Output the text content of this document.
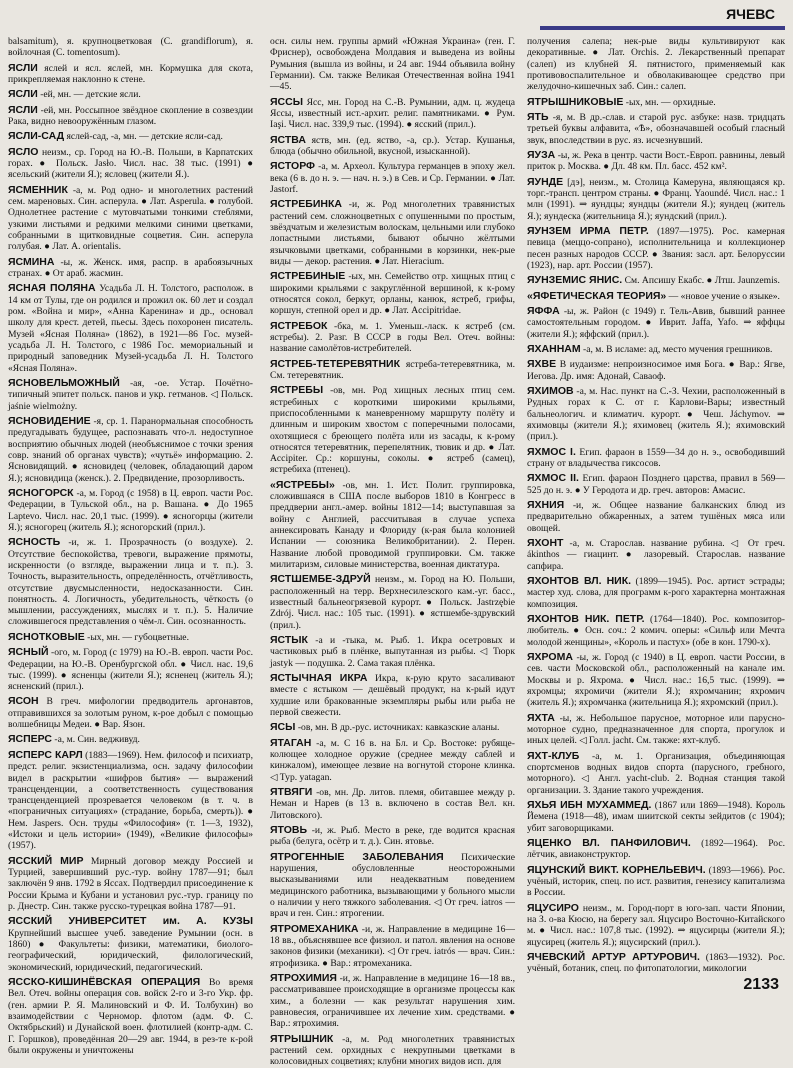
ЯЧЕВС

balsamitum), я. крупноцветковая (С. grandiflorum), я. войлочная (С. tomentosum).

ЯСЛИ яслей и ясл. яслей, мн. Кормушка для скота, прикрепляемая наклонно к стене.

ЯСЛИ -ей, мн. — детские ясли.

ЯСЛИ -ей, мн. Россыпное звёздное скопление в созвездии Рака, видно невооружённым глазом.

ЯСЛИ-САД яслей-сад, -а, мн. — детские ясли-сад.

ЯСЛО неизм., ср. Город на Ю.-В. Польши, в Карпатских горах. ● Польск. Jasło. Числ. нас. 38 тыс. (1991) ● ясельский (жители Я.); ясловец (жители Я.).

ЯСМЕННИК -а, м. Род одно- и многолетних растений сем. мареновых. Син. асперула. ● Лат. Asperula. ● голубой. Однолетнее растение с мутовчатыми тонкими стеблями, узкими листьями и редкими мелкими синими цветками, собранными в щитковидные соцветия. Син. асперула голубая. ● Лат. A. orientalis.

ЯСМИНА -ы, ж. Женск. имя, распр. в арабоязычных странах. ● От араб. жасмин.

ЯСНАЯ ПОЛЯНА Усадьба Л. Н. Толстого, располож. в 14 км от Тулы, где он родился и прожил ок. 60 лет и создал ром. «Война и мир», «Анна Каренина» и др., основал школу для крест. детей, пьесы. Здесь похоронен писатель. Музей «Ясная Поляна» (1862), в 1921—86 Гос. музей-усадьба Л. Н. Толстого, с 1986 Гос. мемориальный и природный заповедник Музей-усадьба Л. Н. Толстого «Ясная Поляна».

ЯСНОВЕЛЬМОЖНЫЙ -ая, -ое. Устар. Почётно-типичный эпитет польск. панов и укр. гетманов. ◁ Польск. jaśnie wielmożny.

ЯСНОВИДЕНИЕ -я, ср. 1. Паранормальная способность предугадывать будущее, распознавать что-л. недоступное восприятию обычных людей (необъяснимое с точки зрения совр. знаний об органах чувств); «чутьё» информацию. 2. Ясновидящий. ● ясновидец (человек, обладающий даром Я.); ясновидица (женск.). 2. Предвидение, прозорливость.

ЯСНОГОРСК -а, м. Город (с 1958) в Ц. европ. части Рос. Федерации, в Тульской обл., на р. Вашана. ● До 1965 Laptevo. Числ. нас. 20,1 тыс. (1999). ● ясногорцы (жители Я.); ясногорец (житель Я.); ясногорский (прил.).

ЯСНОСТЬ -и, ж. 1. Прозрачность (о воздухе). 2. Отсутствие беспокойства, тревоги, выражение прямоты, искренности (о взгляде, выражении лица и т. п.). 3. Точность, выразительность, определённость, отчётливость, отсутствие двусмысленности, недосказанности. Син. понятность. 4. Логичность, убедительность, чёткость (о мышлении, рассуждениях, мыслях и т. п.). 5. Наличие сложившегося представления о чём-л. Син. осознанность.

ЯСНОТКОВЫЕ -ых, мн. — губоцветные.

ЯСНЫЙ -ого, м. Город (с 1979) на Ю.-В. европ. части Рос. Федерации, на Ю.-В. Оренбургской обл. ● Числ. нас. 19,6 тыс. (1999). ● ясненцы (жители Я.); ясненец (житель Я.); ясненский (прил.).

ЯСОН В греч. мифологии предводитель аргонавтов, отправившихся за золотым руном, к-рое добыл с помощью волшебницы Медеи. ● Вар. Язон.

ЯСПЕРС -а, м. Син. ведживуд.

ЯСПЕРС КАРЛ (1883—1969). Нем. философ и психиатр, предст. религ. экзистенциализма, осн. задачу философии видел в раскрытии «шифров бытия» — выражений трансценденции, а соответственность существования трансценденцией прозревается человеком (в т. ч. в «пограничных ситуациях» (страдание, борьба, смерть)). ● Нем. Jaspers. Осн. труды «Философия» (т. 1—3, 1932), «Истоки и цель истории» (1949), «Великие философы» (1957).

ЯССКИЙ МИР Мирный договор между Россией и Турцией, завершивший рус.-тур. войну 1787—91; был заключён 9 янв. 1792 в Яссах. Подтвердил присоединение к России Крыма и Кубани и установил рус.-тур. границу по р. Днестр. Син. также русско-турецкая война 1787—91.

ЯССКИЙ УНИВЕРСИТЕТ им. А. КУЗЫ Крупнейший высшее учеб. заведение Румынии (осн. в 1860) ● Факультеты: физики, математики, биолого-географический, юридический, филологический, экономический, юридический, педагогический.

ЯССКО-КИШИНЁВСКАЯ ОПЕРАЦИЯ Во время Вел. Отеч. войны операция сов. войск 2-го и 3-го Укр. фр. (ген. армии Р. Я. Малиновский и Ф. И. Толбухин) во взаимодействии с Черномор. флотом (адм. Ф. С. Октябрьский) и Дунайской воен. флотилией (контр-адм. С. Г. Горшков), проведённая 20—29 авг. 1944, в рез-те к-рой были окружены и уничтожены

осн. силы нем. группы армий «Южная Украина» (ген. Г. Фриснер), освобождена Молдавия и выведена из войны Румыния (вышла из войны, и 24 авг. 1944 объявила войну Германии). См. также Великая Отечественная война 1941—45.

ЯССЫ Ясс, мн. Город на С.-В. Румынии, адм. ц. жудеца Яссы, известный ист.-архит. религ. памятниками. ● Рум. Iaşi. Числ. нас. 339,9 тыс. (1994). ● ясский (прил.).

ЯСТВА яств, мн. (ед. яство, -а, ср.). Устар. Кушанья, блюда (обычно обильной, вкусной, изысканной).

ЯСТОРФ -а, м. Археол. Культура германцев в эпоху жел. века (6 в. до н. э. — нач. н. э.) в Сев. и Ср. Германии. ● Лат. Jastorf.

ЯСТРЕБИНКА -и, ж. Род многолетних травянистых растений сем. сложноцветных с опушенными по простым, звёздчатым и железистым волоскам, цельными или глубоко лопастными листьями, бывают обычно жёлтыми язычковыми цветками, собранными в корзинки, нек-рые виды — декор. растения. ● Лат. Hieracium.

ЯСТРЕБИНЫЕ -ых, мн. Семейство отр. хищных птиц с широкими крыльями с закруглённой вершиной, к к-рому относятся сокол, беркут, орланы, канюк, ястреб, грифы, коршун, степной орел и др. ● Лат. Accipitridae.

ЯСТРЕБОК -бка, м. 1. Уменьш.-ласк. к ястреб (см. ястребы). 2. Разг. В СССР в годы Вел. Отеч. войны: название самолётов-истребителей.

ЯСТРЕБ-ТЕТЕРЕВЯТНИК ястреба-тетеревятника, м. См. тетеревятник.

ЯСТРЕБЫ -ов, мн. Род хищных лесных птиц сем. ястребиных с короткими широкими крыльями, приспособленными к маневренному маршруту полёту и длинным и широким хвостом с поперечными полосами, охотящиеся с бреющего полёта или из засады, к к-рому относятся тетеревятник, перепелятник, тювик и др. ● Лат. Accipiter. Ср.: коршуны, соколы. ● ястреб (самец), ястребиха (птенец).

«ЯСТРЕБЫ» -ов, мн. 1. Ист. Полит. группировка, сложившаяся в США после выборов 1810 в Конгресс в преддверии англ.-амер. войны 1812—14; выступавшая за войну с Англией, рассчитывая в случае успеха аннексировать Канаду и Флориду (к-рая была колонией Испании — союзника Великобритании). 2. Перен. Название любой проводимой группировки. См. также милитаризм, силовые министерства, военная диктатура.

ЯСТШЕМБЕ-ЗДРУЙ неизм., м. Город на Ю. Польши, расположенный на терр. Верхнесилезского кам.-уг. басс., известный бальнеогрязевой курорт. ● Польск. Jastrzębie Zdrój. Числ. нас.: 105 тыс. (1991). ● ястшембе-здрувский (прил.).

ЯСТЫК -а и -тыка, м. Рыб. 1. Икра осетровых и частиковых рыб в плёнке, выпутанная из рыбы. ◁ Тюрк jastyk — подушка. 2. Сама такая плёнка.

ЯСТЫЧНАЯ ИКРА Икра, к-рую круто засаливают вместе с ястыком — дешёвый продукт, на к-рый идут худшие или бракованные экземпляры рыбы или рыба не первой свежести.

ЯСЫ -ов, мн. В др.-рус. источниках: кавказские аланы.

ЯТАГАН -а, м. С 16 в. на Бл. и Ср. Востоке: рубяще-колющее холодное оружие (среднее между саблей и кинжалом), имеющее лезвие на вогнутой стороне клинка. ◁ Тур. yatagan.

ЯТВЯГИ -ов, мн. Др. литов. племя, обитавшее между р. Неман и Нарев (в 13 в. включено в состав Вел. кн. Литовского).

ЯТОВЬ -и, ж. Рыб. Место в реке, где водится красная рыба (белуга, осётр и т. д.). Син. ятовье.

ЯТРОГЕННЫЕ ЗАБОЛЕВАНИЯ Психические нарушения, обусловленные неосторожными высказываниями или неадекватным поведением медицинского работника, вызывающими у больного мысли о наличии у него тяжкого заболевания. ◁ От греч. iatros — врач и ген. Син.: ятрогении.

ЯТРОМЕХАНИКА -и, ж. Направление в медицине 16—18 вв., объяснявшее все физиол. и патол. явления на основе законов физики (механики). ◁ От греч. iatrós — врач. Син.: ятрофизика. ● Вар.: ятромеханика.

ЯТРОХИМИЯ -и, ж. Направление в медицине 16—18 вв., рассматривавшее происходящие в организме процессы как хим., а болезни — как результат нарушения хим. равновесия, ограничившее их лечение хим. средствами. ● Вар.: ятрохимия.

ЯТРЫШНИК -а, м. Род многолетних травянистых растений сем. орхидных с некрупными цветками в колосовидных соцветиях; клубни многих видов исп. для

получения салепа; нек-рые виды культивируют как декоративные. ● Лат. Orchis. 2. Лекарственный препарат (салеп) из клубней Я. пятнистого, применяемый как противовоспалительное и обволакивающее средство при желудочно-кишечных заб. Син.: салеп.

ЯТРЫШНИКОВЫЕ -ых, мн. — орхидные.

ЯТЬ -я, м. В др.-слав. и старой рус. азбуке: назв. тридцать третьей буквы алфавита, «Ѣ», обозначавшей особый гласный звук, впоследствии в рус. яз. исчезнувший.

ЯУЗА -ы, ж. Река в центр. части Вост.-Европ. равнины, левый приток р. Москва. ● Дл. 48 км. Пл. басс. 452 км².

ЯУНДЕ [дэ], неизм., м. Столица Камеруна, являющаяся кр. торг.-трансп. центром страны. ● Франц. Yaoundé. Числ. нас.: 1 млн (1991). ⇒ яундцы; яундцы (жители Я.); яундец (житель Я.); яундеска (жительница Я.); яундский (прил.).

ЯУНЗЕМ ИРМА ПЕТР. (1897—1975). Рос. камерная певица (меццо-сопрано), исполнительница и коллекционер песен разных народов СССР. ● Звания: засл. арт. Белоруссии (1923), нар. арт. России (1957).

ЯУНЗЕМИС ЯНИС. См. Апсишу Екабс. ● Лтш. Jaunzemis.

«ЯФЕТИЧЕСКАЯ ТЕОРИЯ» — «новое учение о языке».

ЯФФА -ы, ж. Район (с 1949) г. Тель-Авив, бывший раннее самостоятельным городом. ● Иврит. Jaffa, Yafo. ⇒ яффцы (жители Я.); яффский (прил.).

ЯХАННАМ -а, м. В исламе: ад, место мучения грешников.

ЯХВЕ В иудаизме: непроизносимое имя Бога. ● Вар.: Ягве, Иегова. Др. имя: Адонай, Саваоф.

ЯХИМОВ -а, м. Нас. пункт на С.-З. Чехии, расположенный в Рудных горах к С. от г. Карлови-Вары; известный бальнеологич. и климатич. курорт. ● Чеш. Jáchymov. ⇒ яхимовцы (жители Я.); яхимовец (житель Я.); яхимовский (прил.).

ЯХМОС I. Егип. фараон в 1559—34 до н. э., освободивший страну от владычества гиксосов.

ЯХМОС II. Егип. фараон Позднего царства, правил в 569—525 до н. э. ● У Геродота и др. греч. авторов: Амасис.

ЯХНИЯ -и, ж. Общее название балканских блюд из предварительно обжаренных, а затем тушёных мяса или овощей.

ЯХОНТ -а, м. Старослав. название рубина. ◁ От греч. ákinthos — гиацинт. ● лазоревый. Старослав. название сапфира.

ЯХОНТОВ ВЛ. НИК. (1899—1945). Рос. артист эстрады; мастер худ. слова, для программ к-рого характерна монтажная композиция.

ЯХОНТОВ НИК. ПЕТР. (1764—1840). Рос. композитор-любитель. ● Осн. соч.: 2 комич. оперы: «Сильф или Мечта молодой женщины», «Король и пастух» (обе в кон. 1790-х).

ЯХРОМА -ы, ж. Город (с 1940) в Ц. европ. части России, в сев. части Московской обл., расположенный на канале им. Москвы и р. Яхрома. ● Числ. нас.: 16,5 тыс. (1999). ⇒ яхромцы; яхромичи (жители Я.); яхромчанин; яхромич (житель Я.); яхромчанка (жительница Я.); яхромский (прил.).

ЯХТА -ы, ж. Небольшое парусное, моторное или парусно-моторное судно, предназначенное для спорта, прогулок и иных целей. ◁ Голл. jacht. См. также: яхт-клуб.

ЯХТ-КЛУБ -а, м. 1. Организация, объединяющая спортсменов водных видов спорта (парусного, гребного, моторного). ◁ Англ. yacht-club. 2. Водная станция такой организации. 3. Здание такого учреждения.

ЯХЬЯ ИБН МУХАММЕД. (1867 или 1869—1948). Король Йемена (1918—48), имам шиитской секты зейдитов (с 1904); убит заговорщиками.

ЯЦЕНКО ВЛ. ПАНФИЛОВИЧ. (1892—1964). Рос. лётчик, авиаконструктор.

ЯЦУНСКИЙ ВИКТ. КОРНЕЛЬЕВИЧ. (1893—1966). Рос. учёный, историк, спец. по ист. развития, генезису капитализма в России.

ЯЦУСИРО неизм., м. Город-порт в юго-зап. части Японии, на З. о-ва Кюсю, на берегу зал. Яцусиро Восточно-Китайского м. ● Числ. нас.: 107,8 тыс. (1992). ⇒ яцусирцы (жители Я.); яцусирец (житель Я.); яцусирский (прил.).

ЯЧЕВСКИЙ АРТУР АРТУРОВИЧ. (1863—1932). Рос. учёный, ботаник, спец. по фитопатологии, микологии

2133
